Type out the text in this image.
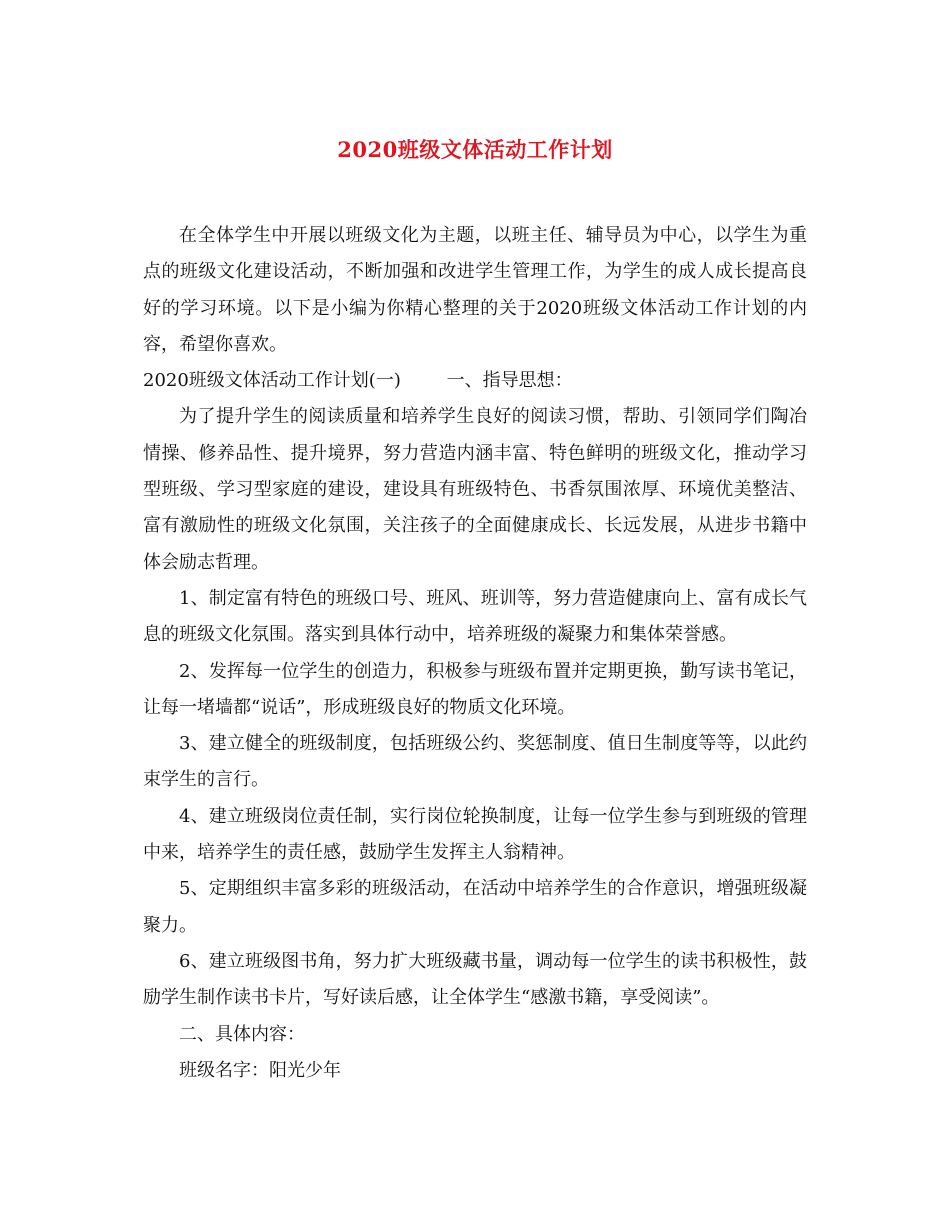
2020班级文体活动工作计划

在全体学生中开展以班级文化为主题，以班主任、辅导员为中心，以学生为重点的班级文化建设活动，不断加强和改进学生管理工作，为学生的成人成长提高良好的学习环境。以下是小编为你精心整理的关于2020班级文体活动工作计划的内容，希望你喜欢。

2020班级文体活动工作计划(一)        一、指导思想：

为了提升学生的阅读质量和培养学生良好的阅读习惯，帮助、引领同学们陶冶情操、修养品性、提升境界，努力营造内涵丰富、特色鲜明的班级文化，推动学习型班级、学习型家庭的建设，建设具有班级特色、书香氛围浓厚、环境优美整洁、富有激励性的班级文化氛围，关注孩子的全面健康成长、长远发展，从进步书籍中体会励志哲理。

1、制定富有特色的班级口号、班风、班训等，努力营造健康向上、富有成长气息的班级文化氛围。落实到具体行动中，培养班级的凝聚力和集体荣誉感。

2、发挥每一位学生的创造力，积极参与班级布置并定期更换，勤写读书笔记，让每一堵墙都“说话”，形成班级良好的物质文化环境。

3、建立健全的班级制度，包括班级公约、奖惩制度、值日生制度等等，以此约束学生的言行。

4、建立班级岗位责任制，实行岗位轮换制度，让每一位学生参与到班级的管理中来，培养学生的责任感，鼓励学生发挥主人翁精神。

5、定期组织丰富多彩的班级活动，在活动中培养学生的合作意识，增强班级凝聚力。

6、建立班级图书角，努力扩大班级藏书量，调动每一位学生的读书积极性，鼓励学生制作读书卡片，写好读后感，让全体学生“感激书籍，享受阅读”。

二、具体内容：

班级名字：阳光少年
